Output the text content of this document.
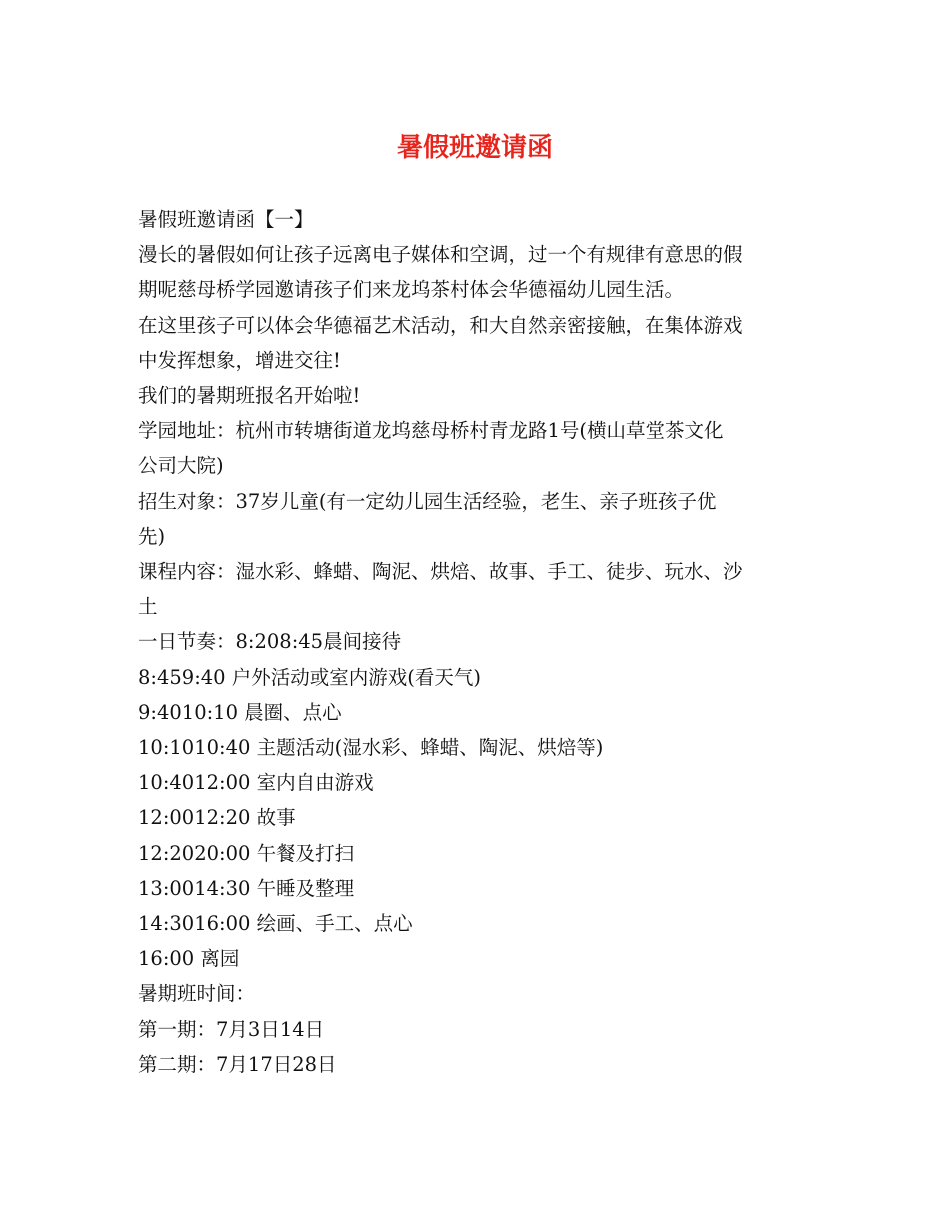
暑假班邀请函
暑假班邀请函【一】
漫长的暑假如何让孩子远离电子媒体和空调，过一个有规律有意思的假
期呢慈母桥学园邀请孩子们来龙坞茶村体会华德福幼儿园生活。
在这里孩子可以体会华德福艺术活动，和大自然亲密接触，在集体游戏
中发挥想象，增进交往!
我们的暑期班报名开始啦!
学园地址：杭州市转塘街道龙坞慈母桥村青龙路1号(横山草堂茶文化
公司大院)
招生对象：37岁儿童(有一定幼儿园生活经验，老生、亲子班孩子优
先)
课程内容：湿水彩、蜂蜡、陶泥、烘焙、故事、手工、徒步、玩水、沙
土
一日节奏：8:208:45晨间接待
8:459:40 户外活动或室内游戏(看天气)
9:4010:10 晨圈、点心
10:1010:40 主题活动(湿水彩、蜂蜡、陶泥、烘焙等)
10:4012:00 室内自由游戏
12:0012:20 故事
12:2020:00 午餐及打扫
13:0014:30 午睡及整理
14:3016:00 绘画、手工、点心
16:00 离园
暑期班时间：
第一期：7月3日14日
第二期：7月17日28日
